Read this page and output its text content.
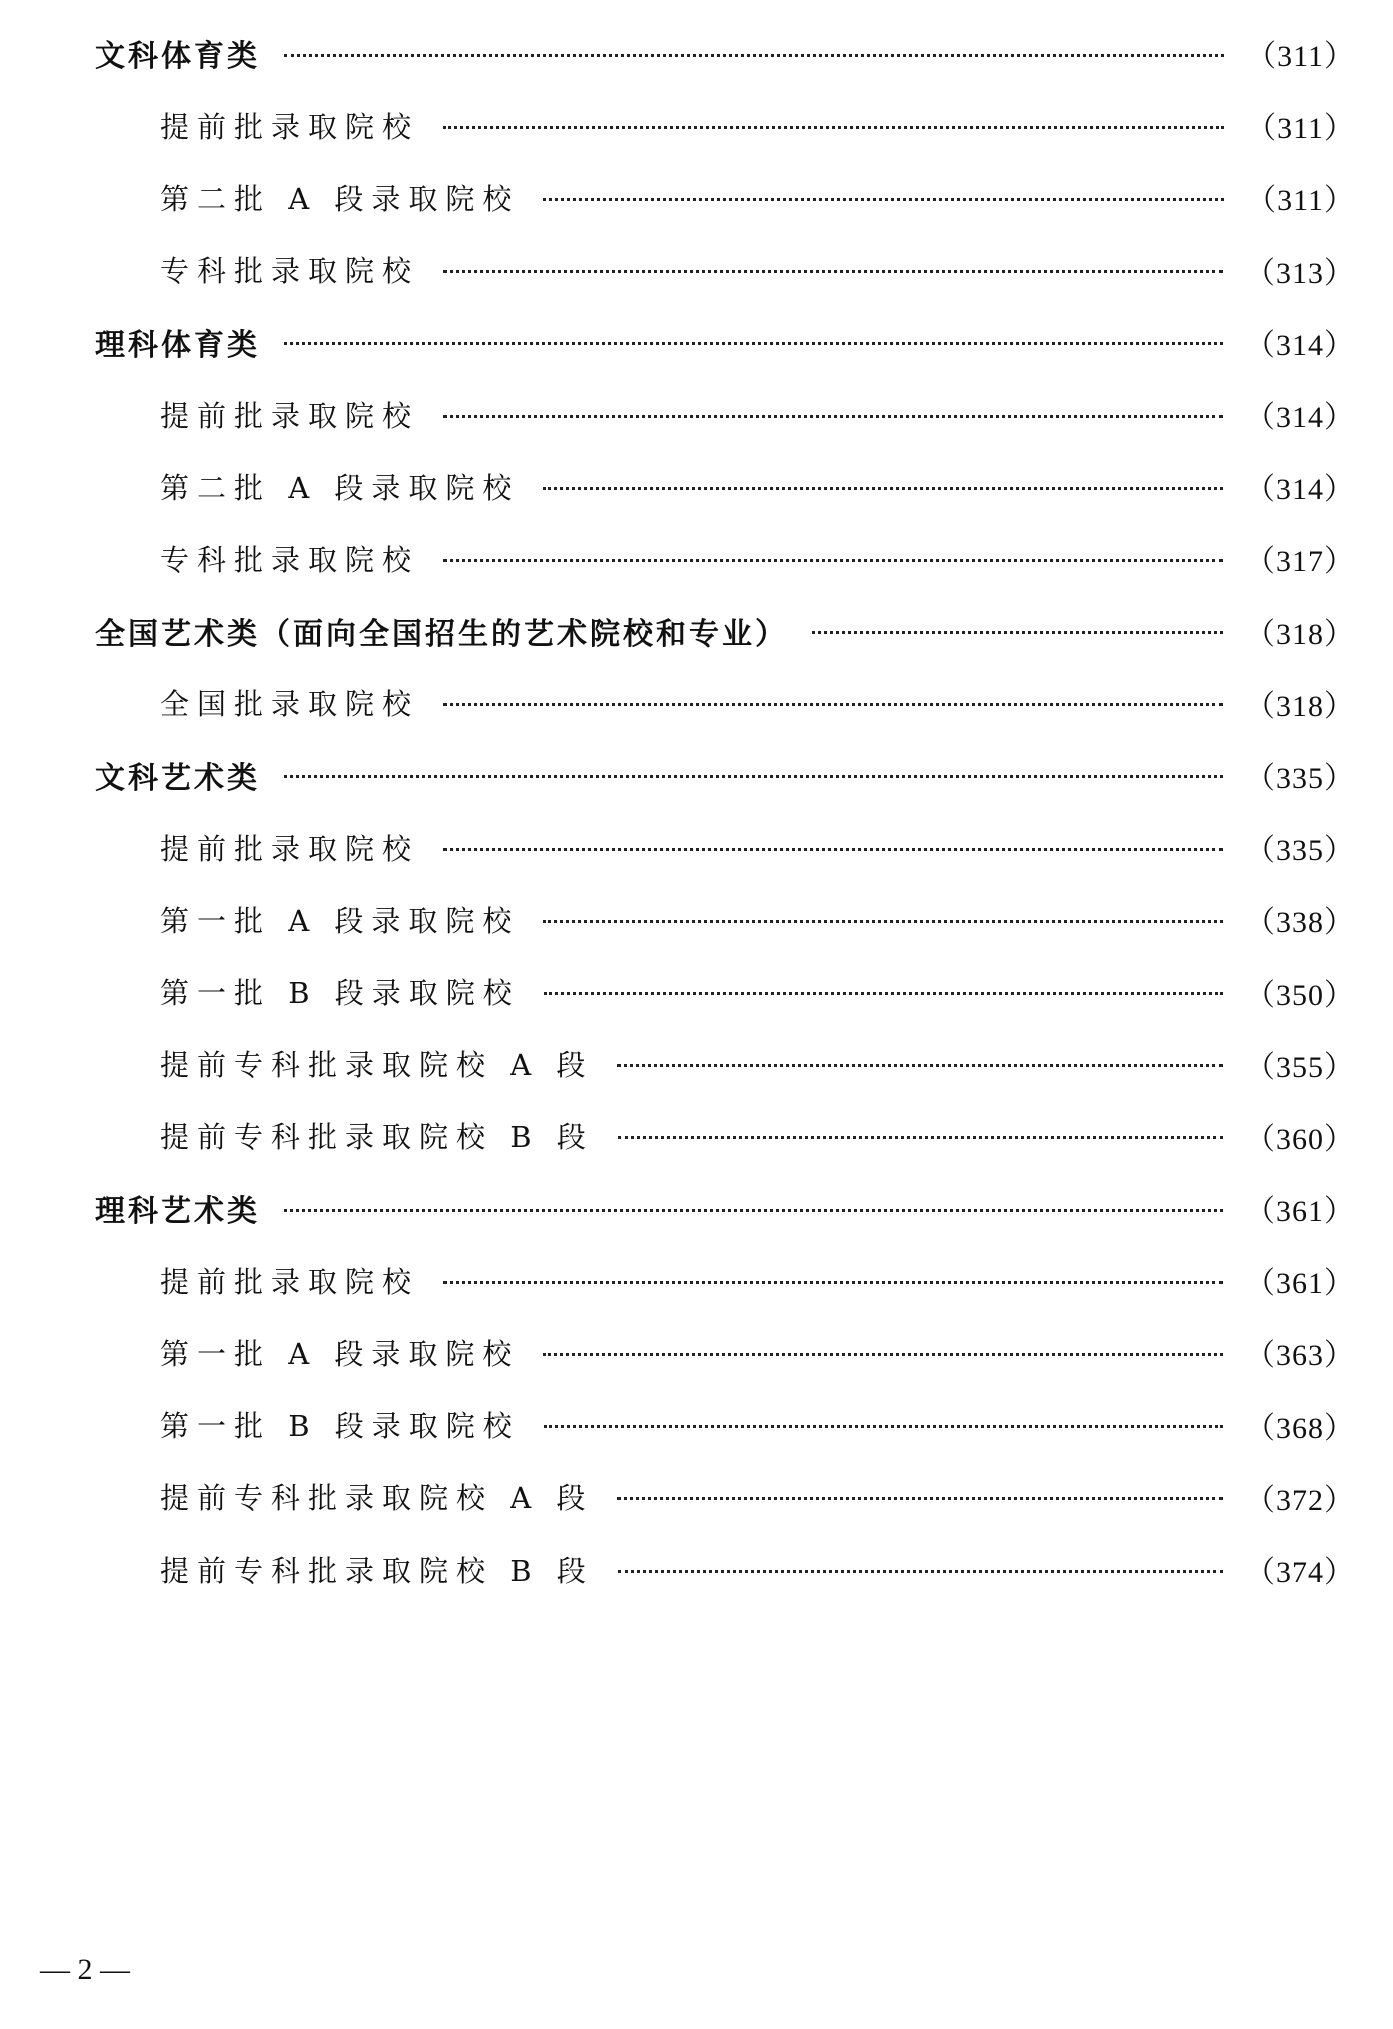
文科体育类	（311）
提前批录取院校	（311）
第二批 A 段录取院校	（311）
专科批录取院校	（313）
理科体育类	（314）
提前批录取院校	（314）
第二批 A 段录取院校	（314）
专科批录取院校	（317）
全国艺术类（面向全国招生的艺术院校和专业）	（318）
全国批录取院校	（318）
文科艺术类	（335）
提前批录取院校	（335）
第一批 A 段录取院校	（338）
第一批 B 段录取院校	（350）
提前专科批录取院校 A 段	（355）
提前专科批录取院校 B 段	（360）
理科艺术类	（361）
提前批录取院校	（361）
第一批 A 段录取院校	（363）
第一批 B 段录取院校	（368）
提前专科批录取院校 A 段	（372）
提前专科批录取院校 B 段	（374）
— 2 —
